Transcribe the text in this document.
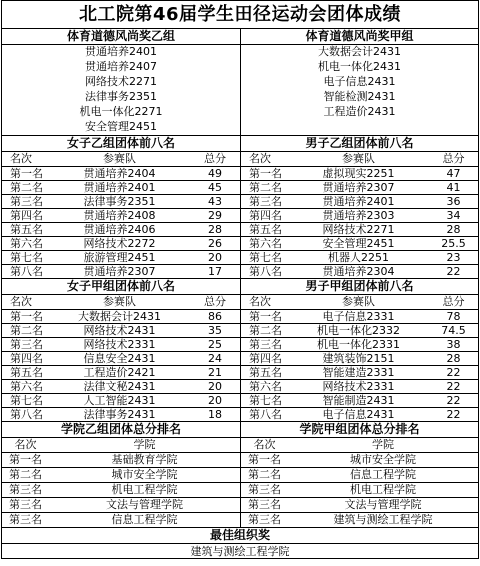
北工院第46届学生田径运动会团体成绩
体育道德风尚奖乙组	体育道德风尚奖甲组
贯通培养2401
贯通培养2407
网络技术2271
法律事务2351
机电一体化2271
安全管理2451
大数据会计2431
机电一体化2431
电子信息2431
智能检测2431
工程造价2431
女子乙组团体前八名	男子乙组团体前八名
名次	参赛队	总分	名次	参赛队	总分
第一名	贯通培养2404	49	第一名	虚拟现实2251	47
第二名	贯通培养2401	45	第二名	贯通培养2307	41
第三名	法律事务2351	43	第三名	贯通培养2401	36
第四名	贯通培养2408	29	第四名	贯通培养2303	34
第五名	贯通培养2406	28	第五名	网络技术2271	28
第六名	网络技术2272	26	第六名	安全管理2451	25.5
第七名	旅游管理2451	20	第七名	机器人2251	23
第八名	贯通培养2307	17	第八名	贯通培养2304	22
女子甲组团体前八名	男子甲组团体前八名
名次	参赛队	总分	名次	参赛队	总分
第一名	大数据会计2431	86	第一名	电子信息2331	78
第二名	网络技术2431	35	第二名	机电一体化2332	74.5
第三名	网络技术2331	25	第三名	机电一体化2331	38
第四名	信息安全2431	24	第四名	建筑装饰2151	28
第五名	工程造价2421	21	第五名	智能建造2331	22
第六名	法律文秘2431	20	第六名	网络技术2331	22
第七名	人工智能2431	20	第七名	智能制造2431	22
第八名	法律事务2431	18	第八名	电子信息2431	22
学院乙组团体总分排名	学院甲组团体总分排名
名次	学院	名次	学院
第一名	基础教育学院	第一名	城市安全学院
第二名	城市安全学院	第二名	信息工程学院
第三名	机电工程学院	第三名	机电工程学院
第三名	文法与管理学院	第三名	文法与管理学院
第三名	信息工程学院	第三名	建筑与测绘工程学院
最佳组织奖
建筑与测绘工程学院
